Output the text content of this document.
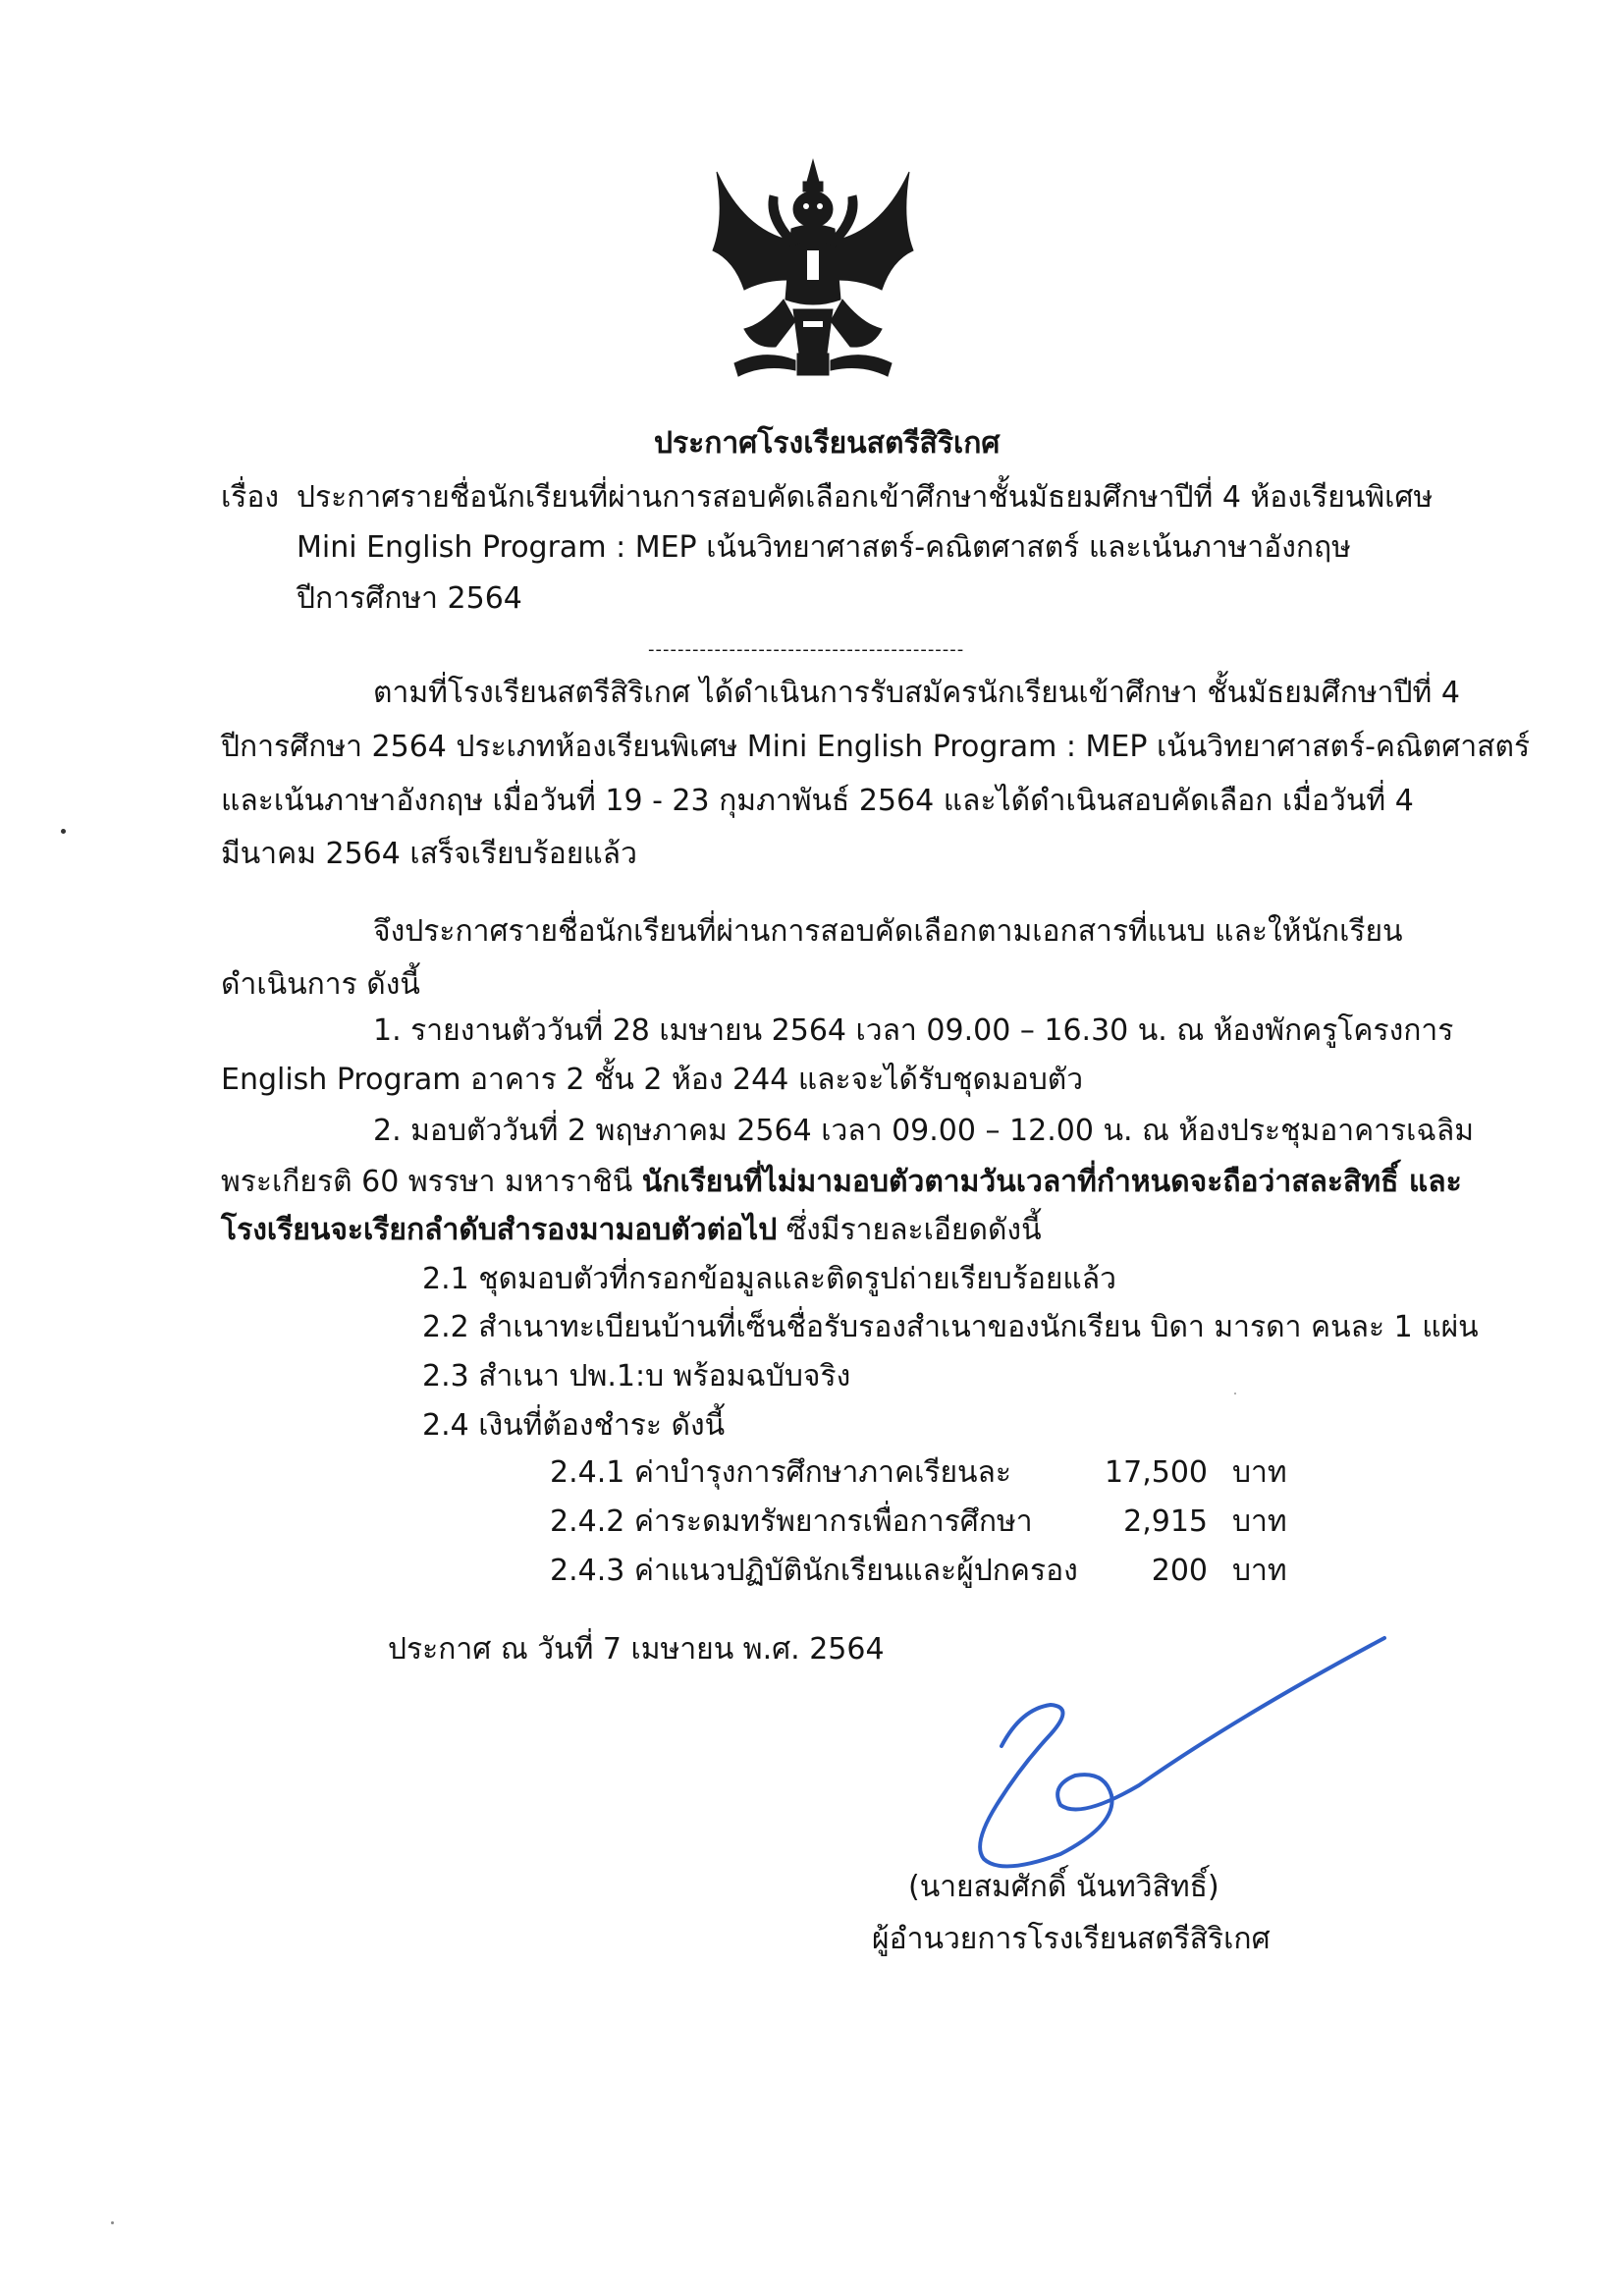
ประกาศโรงเรียนสตรีสิริเกศ
เรื่อง ประกาศรายชื่อนักเรียนที่ผ่านการสอบคัดเลือกเข้าศึกษาชั้นมัธยมศึกษาปีที่ 4 ห้องเรียนพิเศษ
Mini English Program : MEP เน้นวิทยาศาสตร์-คณิตศาสตร์ และเน้นภาษาอังกฤษ
ปีการศึกษา 2564
-------------------------------------------
ตามที่โรงเรียนสตรีสิริเกศ ได้ดำเนินการรับสมัครนักเรียนเข้าศึกษา ชั้นมัธยมศึกษาปีที่ 4
ปีการศึกษา 2564 ประเภทห้องเรียนพิเศษ Mini English Program : MEP เน้นวิทยาศาสตร์-คณิตศาสตร์
และเน้นภาษาอังกฤษ เมื่อวันที่ 19 - 23 กุมภาพันธ์ 2564 และได้ดำเนินสอบคัดเลือก เมื่อวันที่ 4
มีนาคม 2564 เสร็จเรียบร้อยแล้ว
จึงประกาศรายชื่อนักเรียนที่ผ่านการสอบคัดเลือกตามเอกสารที่แนบ และให้นักเรียน
ดำเนินการ ดังนี้
1. รายงานตัววันที่ 28 เมษายน 2564 เวลา 09.00 – 16.30 น. ณ ห้องพักครูโครงการ
English Program อาคาร 2 ชั้น 2 ห้อง 244 และจะได้รับชุดมอบตัว
2. มอบตัววันที่ 2 พฤษภาคม 2564 เวลา 09.00 – 12.00 น. ณ ห้องประชุมอาคารเฉลิม
พระเกียรติ 60 พรรษา มหาราชินี นักเรียนที่ไม่มามอบตัวตามวันเวลาที่กำหนดจะถือว่าสละสิทธิ์ และ
โรงเรียนจะเรียกลำดับสำรองมามอบตัวต่อไป ซึ่งมีรายละเอียดดังนี้
2.1 ชุดมอบตัวที่กรอกข้อมูลและติดรูปถ่ายเรียบร้อยแล้ว
2.2 สำเนาทะเบียนบ้านที่เซ็นชื่อรับรองสำเนาของนักเรียน บิดา มารดา คนละ 1 แผ่น
2.3 สำเนา ปพ.1:บ พร้อมฉบับจริง
2.4 เงินที่ต้องชำระ ดังนี้
2.4.1 ค่าบำรุงการศึกษาภาคเรียนละ	17,500 บาท
2.4.2 ค่าระดมทรัพยากรเพื่อการศึกษา	2,915 บาท
2.4.3 ค่าแนวปฏิบัตินักเรียนและผู้ปกครอง	200 บาท
ประกาศ ณ วันที่ 7 เมษายน พ.ศ. 2564
(นายสมศักดิ์ นันทวิสิทธิ์)
ผู้อำนวยการโรงเรียนสตรีสิริเกศ
